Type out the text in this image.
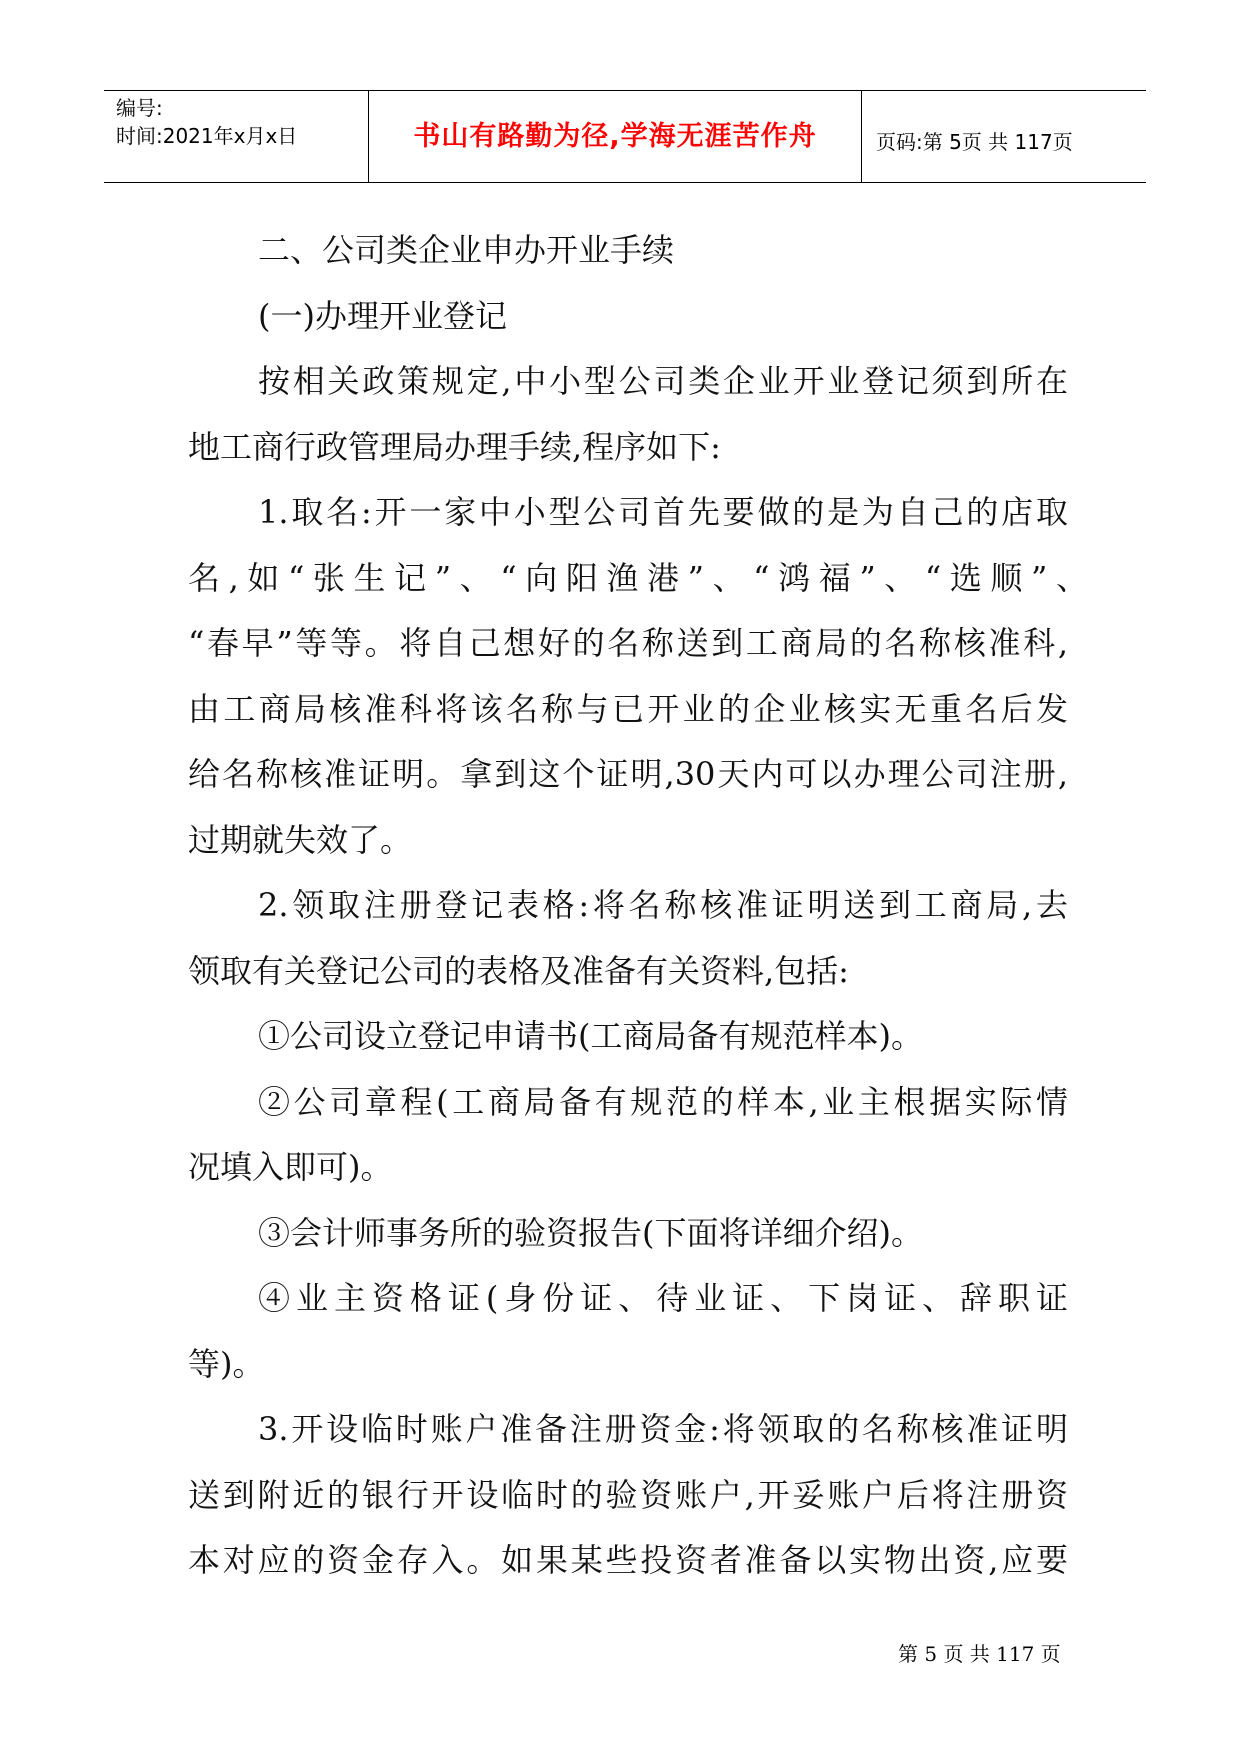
编号:
时间:2021年x月x日	书山有路勤为径,学海无涯苦作舟	页码:第 5页 共 117页
二、公司类企业申办开业手续
(一)办理开业登记
按相关政策规定,中小型公司类企业开业登记须到所在
地工商行政管理局办理手续,程序如下:
1.取名:开一家中小型公司首先要做的是为自己的店取
名,如“张生记”、“向阳渔港”、“鸿福”、“选顺”、
“春早”等等。将自己想好的名称送到工商局的名称核准科,
由工商局核准科将该名称与已开业的企业核实无重名后发
给名称核准证明。拿到这个证明,30天内可以办理公司注册,
过期就失效了。
2.领取注册登记表格:将名称核准证明送到工商局,去
领取有关登记公司的表格及准备有关资料,包括:
①公司设立登记申请书(工商局备有规范样本)。
②公司章程(工商局备有规范的样本,业主根据实际情
况填入即可)。
③会计师事务所的验资报告(下面将详细介绍)。
④业主资格证(身份证、待业证、下岗证、辞职证
等)。
3.开设临时账户准备注册资金:将领取的名称核准证明
送到附近的银行开设临时的验资账户,开妥账户后将注册资
本对应的资金存入。如果某些投资者准备以实物出资,应要
第 5 页 共 117 页
